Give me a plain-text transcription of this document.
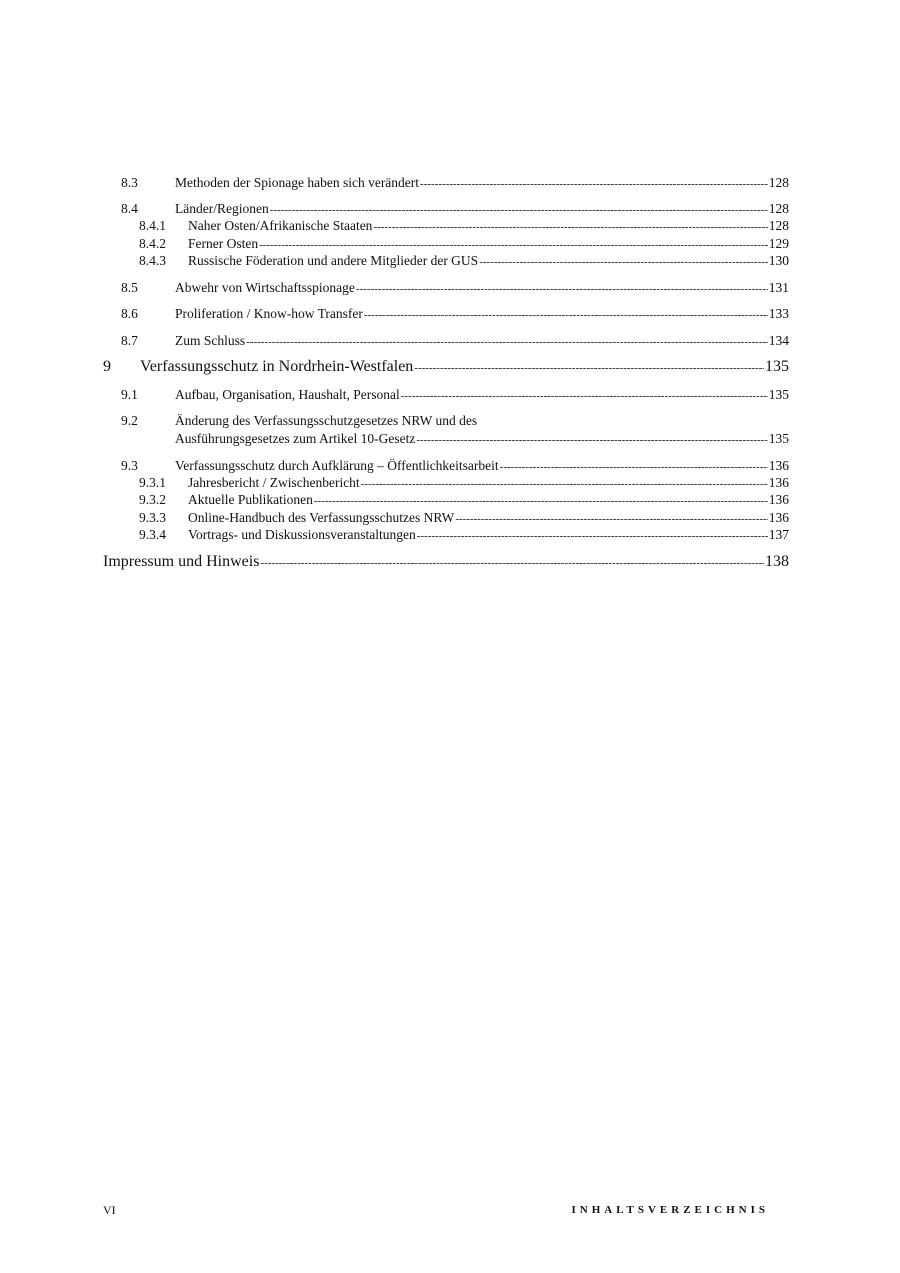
8.3	Methoden der Spionage haben sich verändert -----	128
8.4	Länder/Regionen -----	128
8.4.1	Naher Osten/Afrikanische Staaten -----	128
8.4.2	Ferner Osten -----	129
8.4.3	Russische Föderation und andere Mitglieder der GUS -----	130
8.5	Abwehr von Wirtschaftsspionage -----	131
8.6	Proliferation / Know-how Transfer -----	133
8.7	Zum Schluss -----	134
9	Verfassungsschutz in Nordrhein-Westfalen -----	135
9.1	Aufbau, Organisation, Haushalt, Personal -----	135
9.2	Änderung des Verfassungsschutzgesetzes NRW und des
Ausführungsgesetzes zum Artikel 10-Gesetz -----	135
9.3	Verfassungsschutz durch Aufklärung – Öffentlichkeitsarbeit -----	136
9.3.1	Jahresbericht / Zwischenbericht -----	136
9.3.2	Aktuelle Publikationen -----	136
9.3.3	Online-Handbuch des Verfassungsschutzes NRW -----	136
9.3.4	Vortrags- und Diskussionsveranstaltungen -----	137
Impressum und Hinweis -----	138
VI	INHALTSVERZEICHNIS
